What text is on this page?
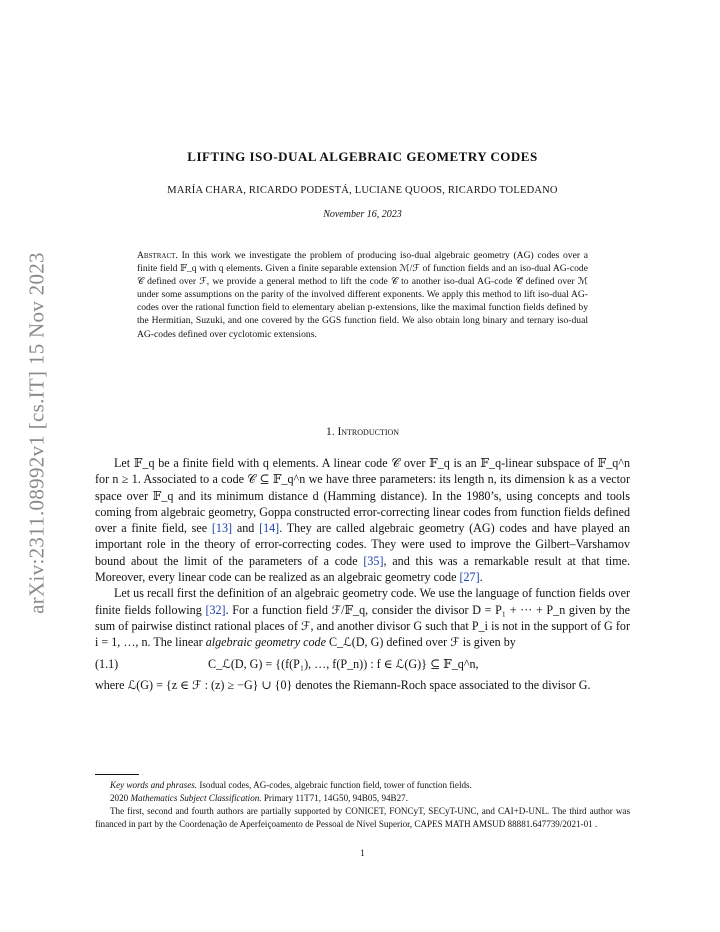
arXiv:2311.08992v1 [cs.IT] 15 Nov 2023
LIFTING ISO-DUAL ALGEBRAIC GEOMETRY CODES
MARÍA CHARA, RICARDO PODESTÁ, LUCIANE QUOOS, RICARDO TOLEDANO
November 16, 2023
Abstract. In this work we investigate the problem of producing iso-dual algebraic geometry (AG) codes over a finite field 𝔽_q with q elements. Given a finite separable extension ℳ/ℱ of function fields and an iso-dual AG-code 𝒞 defined over ℱ, we provide a general method to lift the code 𝒞 to another iso-dual AG-code 𝒞̃ defined over ℳ under some assumptions on the parity of the involved different exponents. We apply this method to lift iso-dual AG-codes over the rational function field to elementary abelian p-extensions, like the maximal function fields defined by the Hermitian, Suzuki, and one covered by the GGS function field. We also obtain long binary and ternary iso-dual AG-codes defined over cyclotomic extensions.
1. Introduction

Let 𝔽_q be a finite field with q elements. A linear code 𝒞 over 𝔽_q is an 𝔽_q-linear subspace of 𝔽_q^n for n ≥ 1. Associated to a code 𝒞 ⊆ 𝔽_q^n we have three parameters: its length n, its dimension k as a vector space over 𝔽_q and its minimum distance d (Hamming distance). In the 1980’s, using concepts and tools coming from algebraic geometry, Goppa constructed error-correcting linear codes from function fields defined over a finite field, see [13] and [14]. They are called algebraic geometry (AG) codes and have played an important role in the theory of error-correcting codes. They were used to improve the Gilbert–Varshamov bound about the limit of the parameters of a code [35], and this was a remarkable result at that time. Moreover, every linear code can be realized as an algebraic geometry code [27].

Let us recall first the definition of an algebraic geometry code. We use the language of function fields over finite fields following [32]. For a function field ℱ/𝔽_q, consider the divisor D = P₁ + ··· + P_n given by the sum of pairwise distinct rational places of ℱ, and another divisor G such that P_i is not in the support of G for i = 1, …, n. The linear algebraic geometry code C_ℒ(D, G) defined over ℱ is given by

(1.1)	C_ℒ(D, G) = {(f(P₁), …, f(P_n)) : f ∈ ℒ(G)} ⊆ 𝔽_q^n,

where ℒ(G) = {z ∈ ℱ : (z) ≥ −G} ∪ {0} denotes the Riemann-Roch space associated to the divisor G.

Key words and phrases. Isodual codes, AG-codes, algebraic function field, tower of function fields.

2020 Mathematics Subject Classification. Primary 11T71, 14G50, 94B05, 94B27.

The first, second and fourth authors are partially supported by CONICET, FONCyT, SECyT-UNC, and CAI+D-UNL. The third author was financed in part by the Coordenação de Aperfeiçoamento de Pessoal de Nível Superior, CAPES MATH AMSUD 88881.647739/2021-01 .

1
